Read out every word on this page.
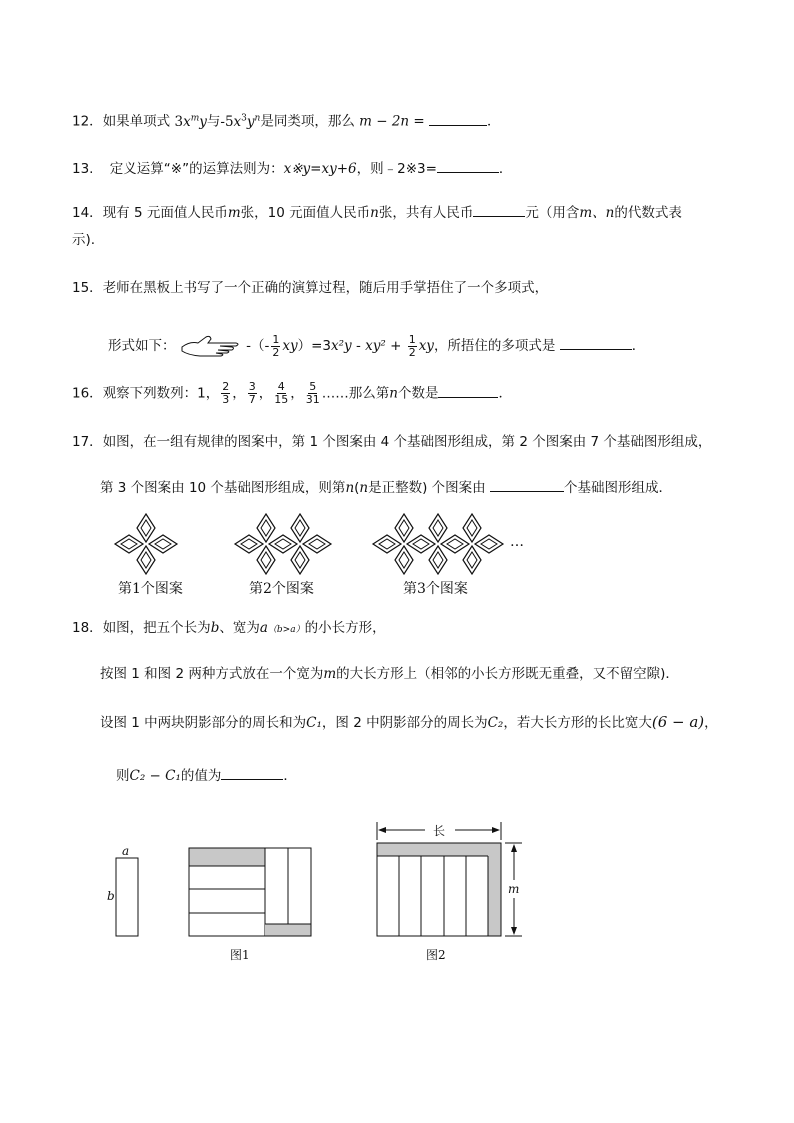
12．如果单项式 $3x^my$与$-5x^3y^n$是同类项，那么 m − 2n =	．
13. 定义运算“※”的运算法则为：x※y=xy+6，则﹣2※3=	．
14．现有 5 元面值人民币m张，10 元面值人民币n张，共有人民币	元（用含m、n的代数式表
示).
15．老师在黑板上书写了一个正确的演算过程，随后用手掌捂住了一个多项式，
形式如下：	-（- $\frac{1}{2} xy)=3x^2y - xy^2 + \frac{1}{2}$ xy，所捂住的多项式是	．
16．观察下列数列：1， $\frac{2}{3}$ ， $\frac{3}{7}$ ， $\frac{4}{15}$ ， $\frac{5}{31}$ ……那么第n个数是	．
17．如图，在一组有规律的图案中，第 1 个图案由 4 个基础图形组成，第 2 个图案由 7 个基础图形组成，
第 3 个图案由 10 个基础图形组成，则第n(n是正整数) 个图案由	个基础图形组成．
…
第1个图案	第2个图案	第3个图案
18．如图，把五个长为b、宽为a（b>a）的小长方形，
按图 1 和图 2 两种方式放在一个宽为m的大长方形上（相邻的小长方形既无重叠，又不留空隙)．
设图 1 中两块阴影部分的周长和为C₁，图 2 中阴影部分的周长为C₂，若大长方形的长比宽大(6 − a)，
则C₂ − C₁的值为	．
a
b
图1	图2
长
m
